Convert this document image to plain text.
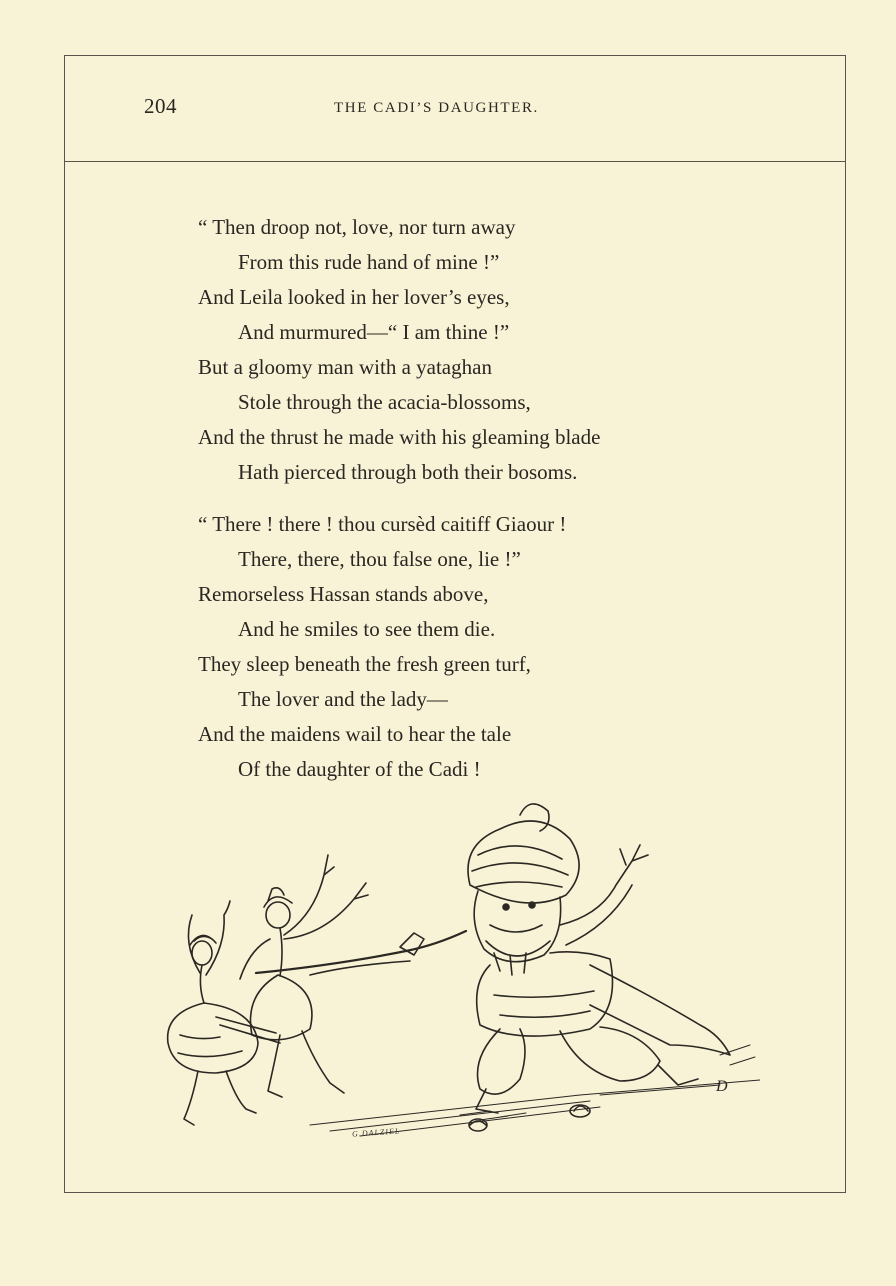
204	THE CADI’S DAUGHTER.
“ Then droop not, love, nor turn away
From this rude hand of mine !”
And Leila looked in her lover’s eyes,
And murmured—“ I am thine !”
But a gloomy man with a yataghan
Stole through the acacia-blossoms,
And the thrust he made with his gleaming blade
Hath pierced through both their bosoms.
“ There ! there ! thou cursèd caitiff Giaour !
There, there, thou false one, lie !”
Remorseless Hassan stands above,
And he smiles to see them die.
They sleep beneath the fresh green turf,
The lover and the lady—
And the maidens wail to hear the tale
Of the daughter of the Cadi !
D
G.DALZIEL
